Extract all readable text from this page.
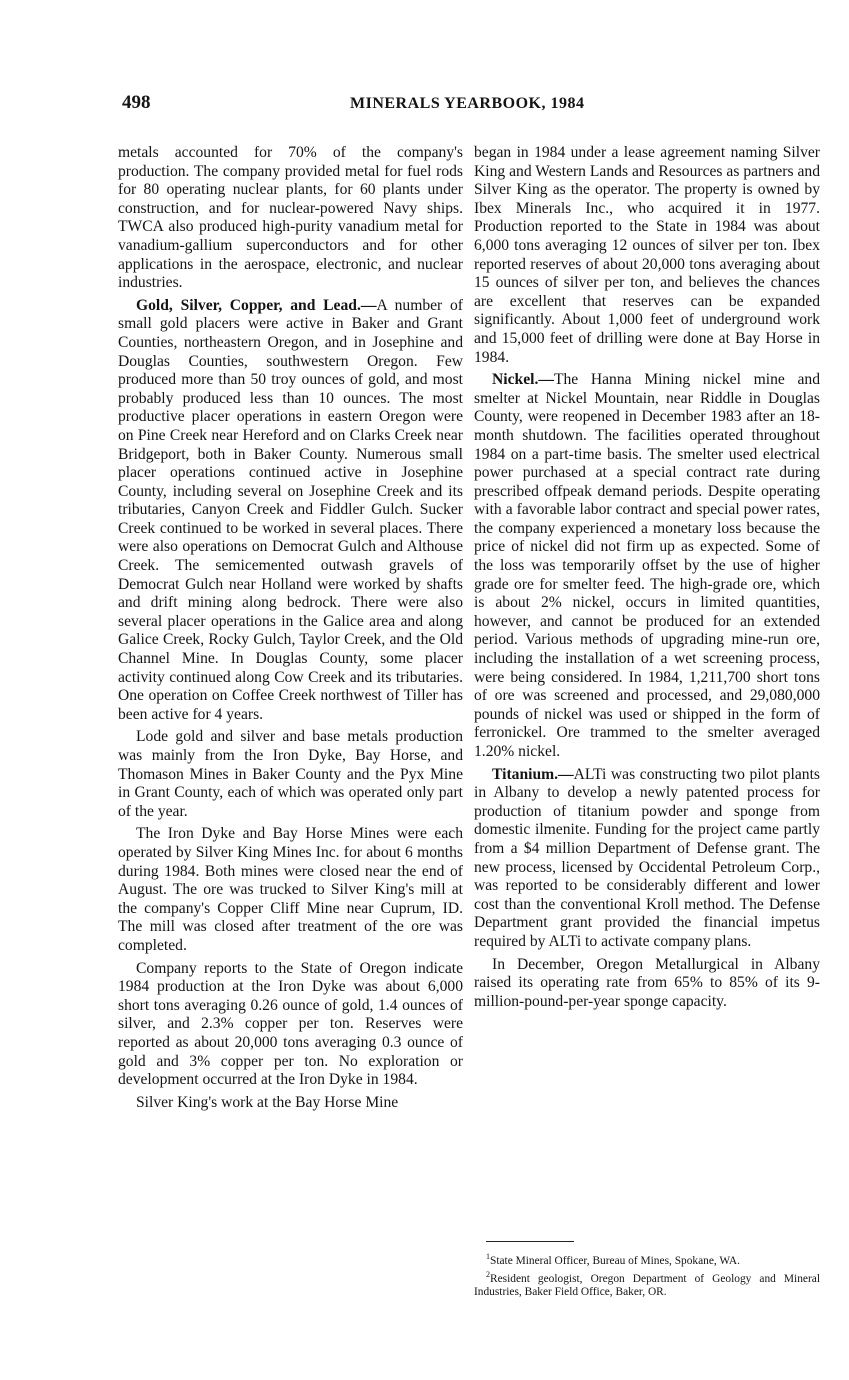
498	MINERALS YEARBOOK, 1984

metals accounted for 70% of the company's production. The company provided metal for fuel rods for 80 operating nuclear plants, for 60 plants under construction, and for nuclear-powered Navy ships. TWCA also produced high-purity vanadium metal for vanadium-gallium superconductors and for other applications in the aerospace, electronic, and nuclear industries.

Gold, Silver, Copper, and Lead.—A number of small gold placers were active in Baker and Grant Counties, northeastern Oregon, and in Josephine and Douglas Counties, southwestern Oregon. Few produced more than 50 troy ounces of gold, and most probably produced less than 10 ounces. The most productive placer operations in eastern Oregon were on Pine Creek near Hereford and on Clarks Creek near Bridgeport, both in Baker County. Numerous small placer operations continued active in Josephine County, including several on Josephine Creek and its tributaries, Canyon Creek and Fiddler Gulch. Sucker Creek continued to be worked in several places. There were also operations on Democrat Gulch and Althouse Creek. The semicemented outwash gravels of Democrat Gulch near Holland were worked by shafts and drift mining along bedrock. There were also several placer operations in the Galice area and along Galice Creek, Rocky Gulch, Taylor Creek, and the Old Channel Mine. In Douglas County, some placer activity continued along Cow Creek and its tributaries. One operation on Coffee Creek northwest of Tiller has been active for 4 years.

Lode gold and silver and base metals production was mainly from the Iron Dyke, Bay Horse, and Thomason Mines in Baker County and the Pyx Mine in Grant County, each of which was operated only part of the year.

The Iron Dyke and Bay Horse Mines were each operated by Silver King Mines Inc. for about 6 months during 1984. Both mines were closed near the end of August. The ore was trucked to Silver King's mill at the company's Copper Cliff Mine near Cuprum, ID. The mill was closed after treatment of the ore was completed.

Company reports to the State of Oregon indicate 1984 production at the Iron Dyke was about 6,000 short tons averaging 0.26 ounce of gold, 1.4 ounces of silver, and 2.3% copper per ton. Reserves were reported as about 20,000 tons averaging 0.3 ounce of gold and 3% copper per ton. No exploration or development occurred at the Iron Dyke in 1984.

Silver King's work at the Bay Horse Mine

began in 1984 under a lease agreement naming Silver King and Western Lands and Resources as partners and Silver King as the operator. The property is owned by Ibex Minerals Inc., who acquired it in 1977. Production reported to the State in 1984 was about 6,000 tons averaging 12 ounces of silver per ton. Ibex reported reserves of about 20,000 tons averaging about 15 ounces of silver per ton, and believes the chances are excellent that reserves can be expanded significantly. About 1,000 feet of underground work and 15,000 feet of drilling were done at Bay Horse in 1984.

Nickel.—The Hanna Mining nickel mine and smelter at Nickel Mountain, near Riddle in Douglas County, were reopened in December 1983 after an 18-month shutdown. The facilities operated throughout 1984 on a part-time basis. The smelter used electrical power purchased at a special contract rate during prescribed offpeak demand periods. Despite operating with a favorable labor contract and special power rates, the company experienced a monetary loss because the price of nickel did not firm up as expected. Some of the loss was temporarily offset by the use of higher grade ore for smelter feed. The high-grade ore, which is about 2% nickel, occurs in limited quantities, however, and cannot be produced for an extended period. Various methods of upgrading mine-run ore, including the installation of a wet screening process, were being considered. In 1984, 1,211,700 short tons of ore was screened and processed, and 29,080,000 pounds of nickel was used or shipped in the form of ferronickel. Ore trammed to the smelter averaged 1.20% nickel.

Titanium.—ALTi was constructing two pilot plants in Albany to develop a newly patented process for production of titanium powder and sponge from domestic ilmenite. Funding for the project came partly from a $4 million Department of Defense grant. The new process, licensed by Occidental Petroleum Corp., was reported to be considerably different and lower cost than the conventional Kroll method. The Defense Department grant provided the financial impetus required by ALTi to activate company plans.

In December, Oregon Metallurgical in Albany raised its operating rate from 65% to 85% of its 9-million-pound-per-year sponge capacity.

$^1$State Mineral Officer, Bureau of Mines, Spokane, WA.

$^2$Resident geologist, Oregon Department of Geology and Mineral Industries, Baker Field Office, Baker, OR.
